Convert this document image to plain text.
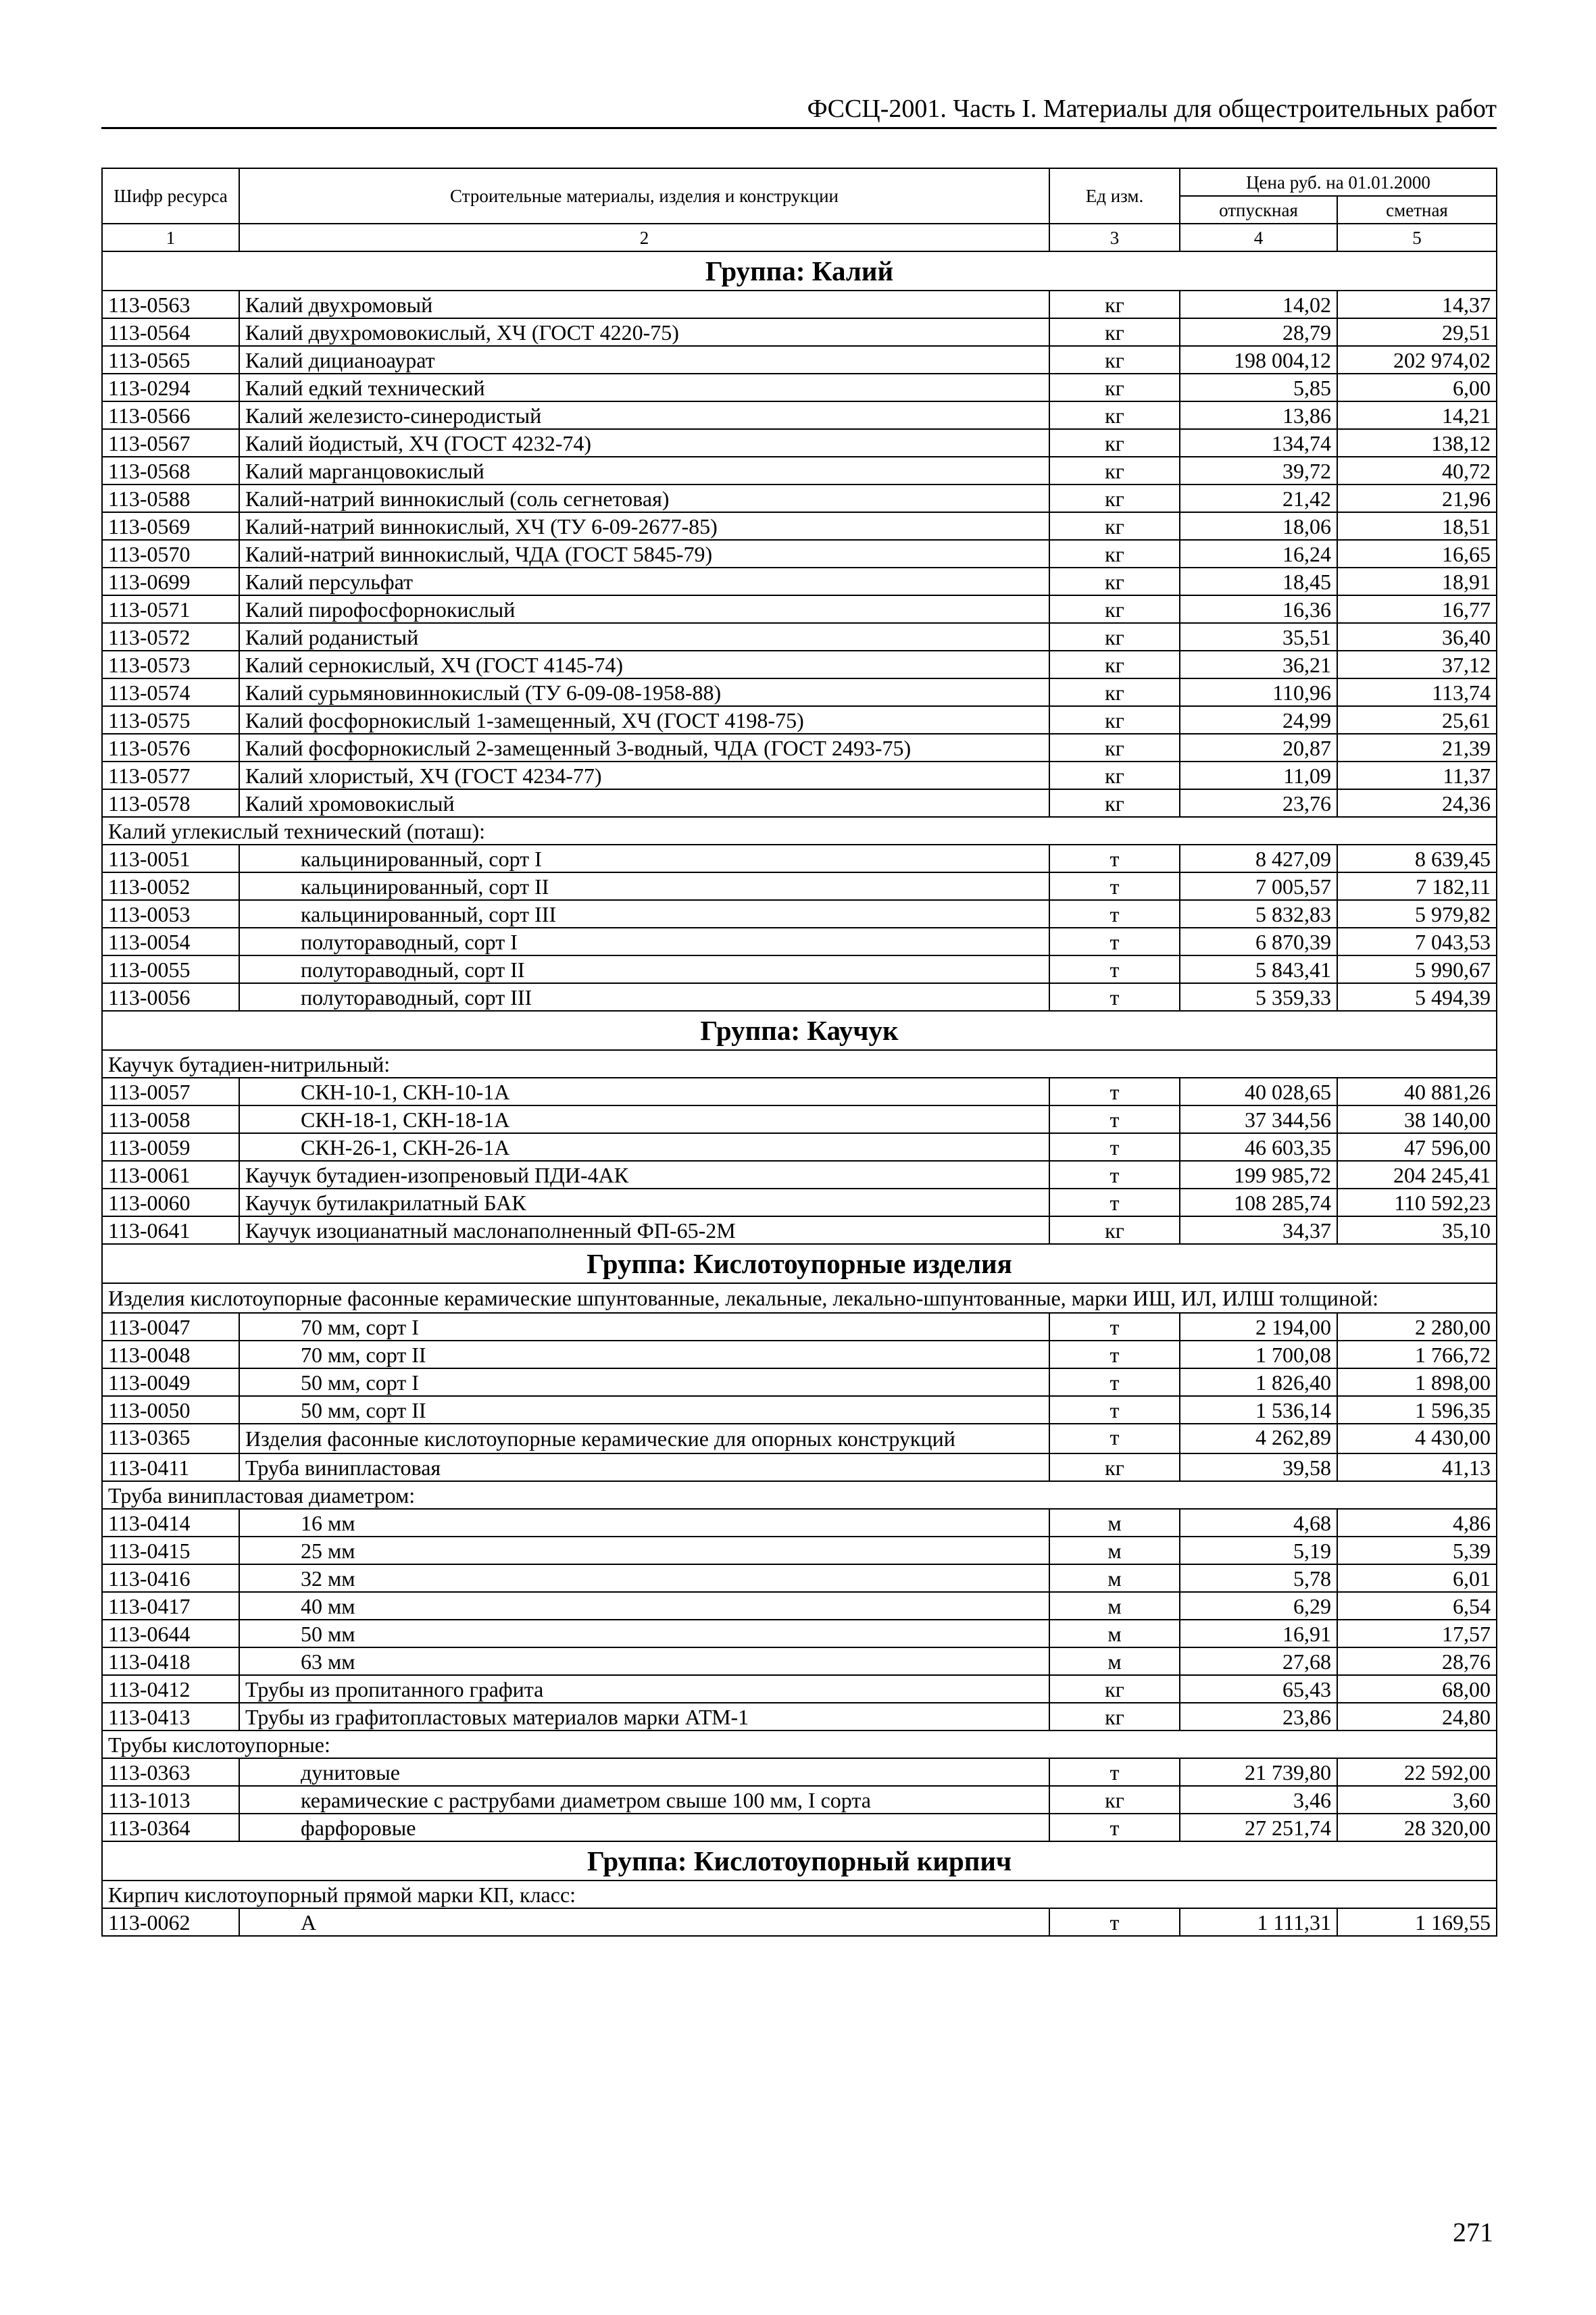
ФССЦ-2001. Часть I. Материалы для общестроительных работ
Шифр ресурса	Строительные материалы, изделия и конструкции	Ед изм.	Цена руб. на 01.01.2000	
			отпускная	сметная
1	2	3	4	5
Группа: Калий				
113-0563	Калий двухромовый	кг	14,02	14,37
113-0564	Калий двухромовокислый, ХЧ (ГОСТ 4220-75)	кг	28,79	29,51
113-0565	Калий дицианоаурат	кг	198 004,12	202 974,02
113-0294	Калий едкий технический	кг	5,85	6,00
113-0566	Калий железисто-синеродистый	кг	13,86	14,21
113-0567	Калий йодистый, ХЧ (ГОСТ 4232-74)	кг	134,74	138,12
113-0568	Калий марганцовокислый	кг	39,72	40,72
113-0588	Калий-натрий виннокислый (соль сегнетовая)	кг	21,42	21,96
113-0569	Калий-натрий виннокислый, ХЧ (ТУ 6-09-2677-85)	кг	18,06	18,51
113-0570	Калий-натрий виннокислый, ЧДА (ГОСТ 5845-79)	кг	16,24	16,65
113-0699	Калий персульфат	кг	18,45	18,91
113-0571	Калий пирофосфорнокислый	кг	16,36	16,77
113-0572	Калий роданистый	кг	35,51	36,40
113-0573	Калий сернокислый, ХЧ (ГОСТ 4145-74)	кг	36,21	37,12
113-0574	Калий сурьмяновиннокислый (ТУ 6-09-08-1958-88)	кг	110,96	113,74
113-0575	Калий фосфорнокислый 1-замещенный, ХЧ (ГОСТ 4198-75)	кг	24,99	25,61
113-0576	Калий фосфорнокислый 2-замещенный 3-водный, ЧДА (ГОСТ 2493-75)	кг	20,87	21,39
113-0577	Калий хлористый, ХЧ (ГОСТ 4234-77)	кг	11,09	11,37
113-0578	Калий хромовокислый	кг	23,76	24,36
Калий углекислый технический (поташ):				
113-0051	кальцинированный, сорт I	т	8 427,09	8 639,45
113-0052	кальцинированный, сорт II	т	7 005,57	7 182,11
113-0053	кальцинированный, сорт III	т	5 832,83	5 979,82
113-0054	полутораводный, сорт I	т	6 870,39	7 043,53
113-0055	полутораводный, сорт II	т	5 843,41	5 990,67
113-0056	полутораводный, сорт III	т	5 359,33	5 494,39
Группа: Каучук				
Каучук бутадиен-нитрильный:				
113-0057	СКН-10-1, СКН-10-1А	т	40 028,65	40 881,26
113-0058	СКН-18-1, СКН-18-1А	т	37 344,56	38 140,00
113-0059	СКН-26-1, СКН-26-1А	т	46 603,35	47 596,00
113-0061	Каучук бутадиен-изопреновый ПДИ-4АК	т	199 985,72	204 245,41
113-0060	Каучук бутилакрилатный БАК	т	108 285,74	110 592,23
113-0641	Каучук изоцианатный маслонаполненный ФП-65-2М	кг	34,37	35,10
Группа: Кислотоупорные изделия				
Изделия кислотоупорные фасонные керамические шпунтованные, лекальные, лекально-шпунтованные, марки ИШ, ИЛ, ИЛШ толщиной:				
113-0047	70 мм, сорт I	т	2 194,00	2 280,00
113-0048	70 мм, сорт II	т	1 700,08	1 766,72
113-0049	50 мм, сорт I	т	1 826,40	1 898,00
113-0050	50 мм, сорт II	т	1 536,14	1 596,35
113-0365	Изделия фасонные кислотоупорные керамические для опорных конструкций	т	4 262,89	4 430,00
113-0411	Труба винипластовая	кг	39,58	41,13
Труба винипластовая диаметром:				
113-0414	16 мм	м	4,68	4,86
113-0415	25 мм	м	5,19	5,39
113-0416	32 мм	м	5,78	6,01
113-0417	40 мм	м	6,29	6,54
113-0644	50 мм	м	16,91	17,57
113-0418	63 мм	м	27,68	28,76
113-0412	Трубы из пропитанного графита	кг	65,43	68,00
113-0413	Трубы из графитопластовых материалов марки АТМ-1	кг	23,86	24,80
Трубы кислотоупорные:				
113-0363	дунитовые	т	21 739,80	22 592,00
113-1013	керамические с раструбами диаметром свыше 100 мм, I сорта	кг	3,46	3,60
113-0364	фарфоровые	т	27 251,74	28 320,00
Группа: Кислотоупорный кирпич				
Кирпич кислотоупорный прямой марки КП, класс:				
113-0062	А	т	1 111,31	1 169,55
271
